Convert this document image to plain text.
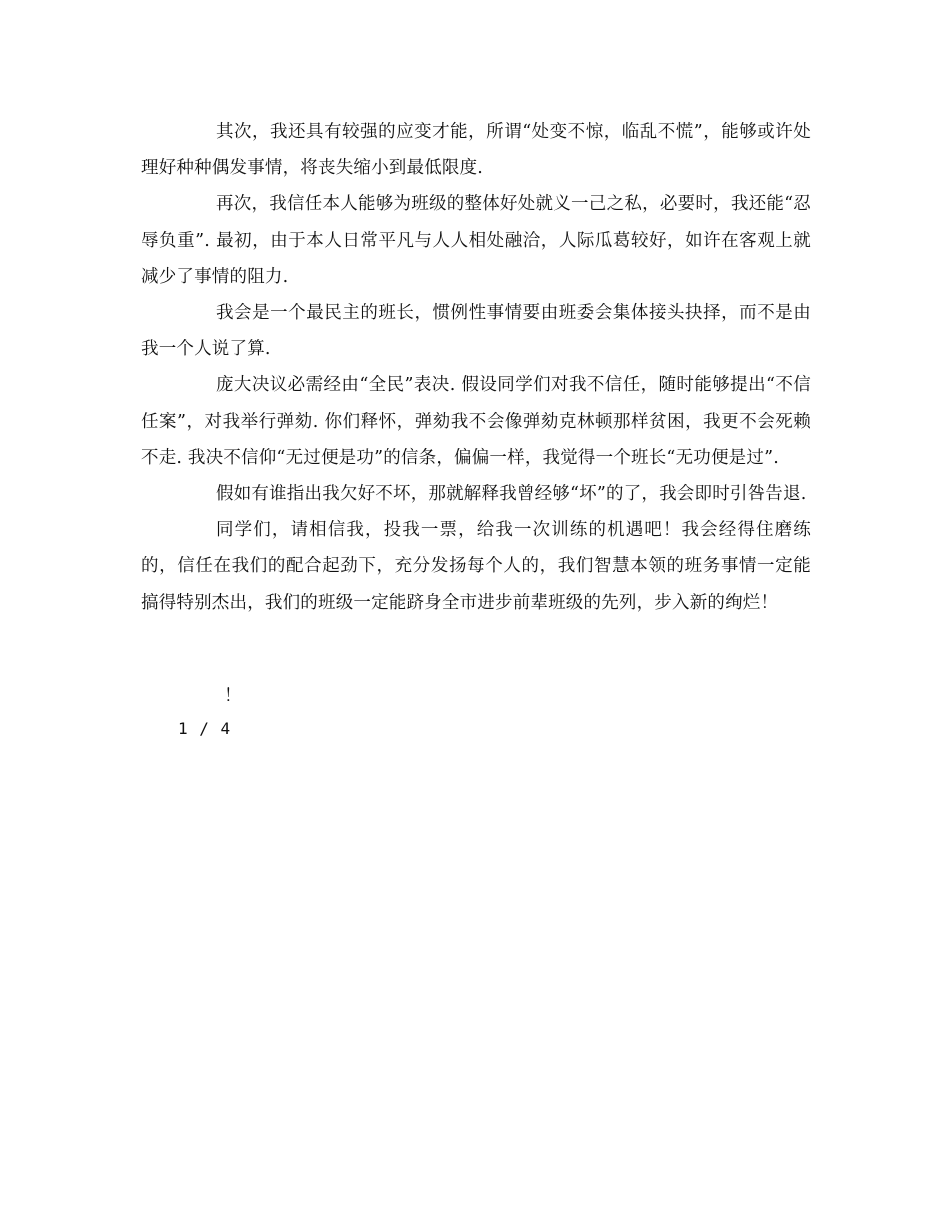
其次，我还具有较强的应变才能，所谓“处变不惊，临乱不慌”，能够或许处理好种种偶发事情，将丧失缩小到最低限度.

再次，我信任本人能够为班级的整体好处就义一己之私，必要时，我还能“忍辱负重”. 最初，由于本人日常平凡与人人相处融洽，人际瓜葛较好，如许在客观上就减少了事情的阻力.

我会是一个最民主的班长，惯例性事情要由班委会集体接头抉择，而不是由我一个人说了算.

庞大决议必需经由“全民”表决. 假设同学们对我不信任，随时能够提出“不信任案”，对我举行弹劾. 你们释怀，弹劾我不会像弹劾克林顿那样贫困，我更不会死赖不走. 我决不信仰“无过便是功”的信条，偏偏一样，我觉得一个班长“无功便是过”.

假如有谁指出我欠好不坏，那就解释我曾经够“坏”的了，我会即时引咎告退.

同学们，请相信我，投我一票，给我一次训练的机遇吧！我会经得住磨练的，信任在我们的配合起劲下，充分发扬每个人的，我们智慧本领的班务事情一定能搞得特别杰出，我们的班级一定能跻身全市进步前辈班级的先列，步入新的绚烂！

！
1 / 4
